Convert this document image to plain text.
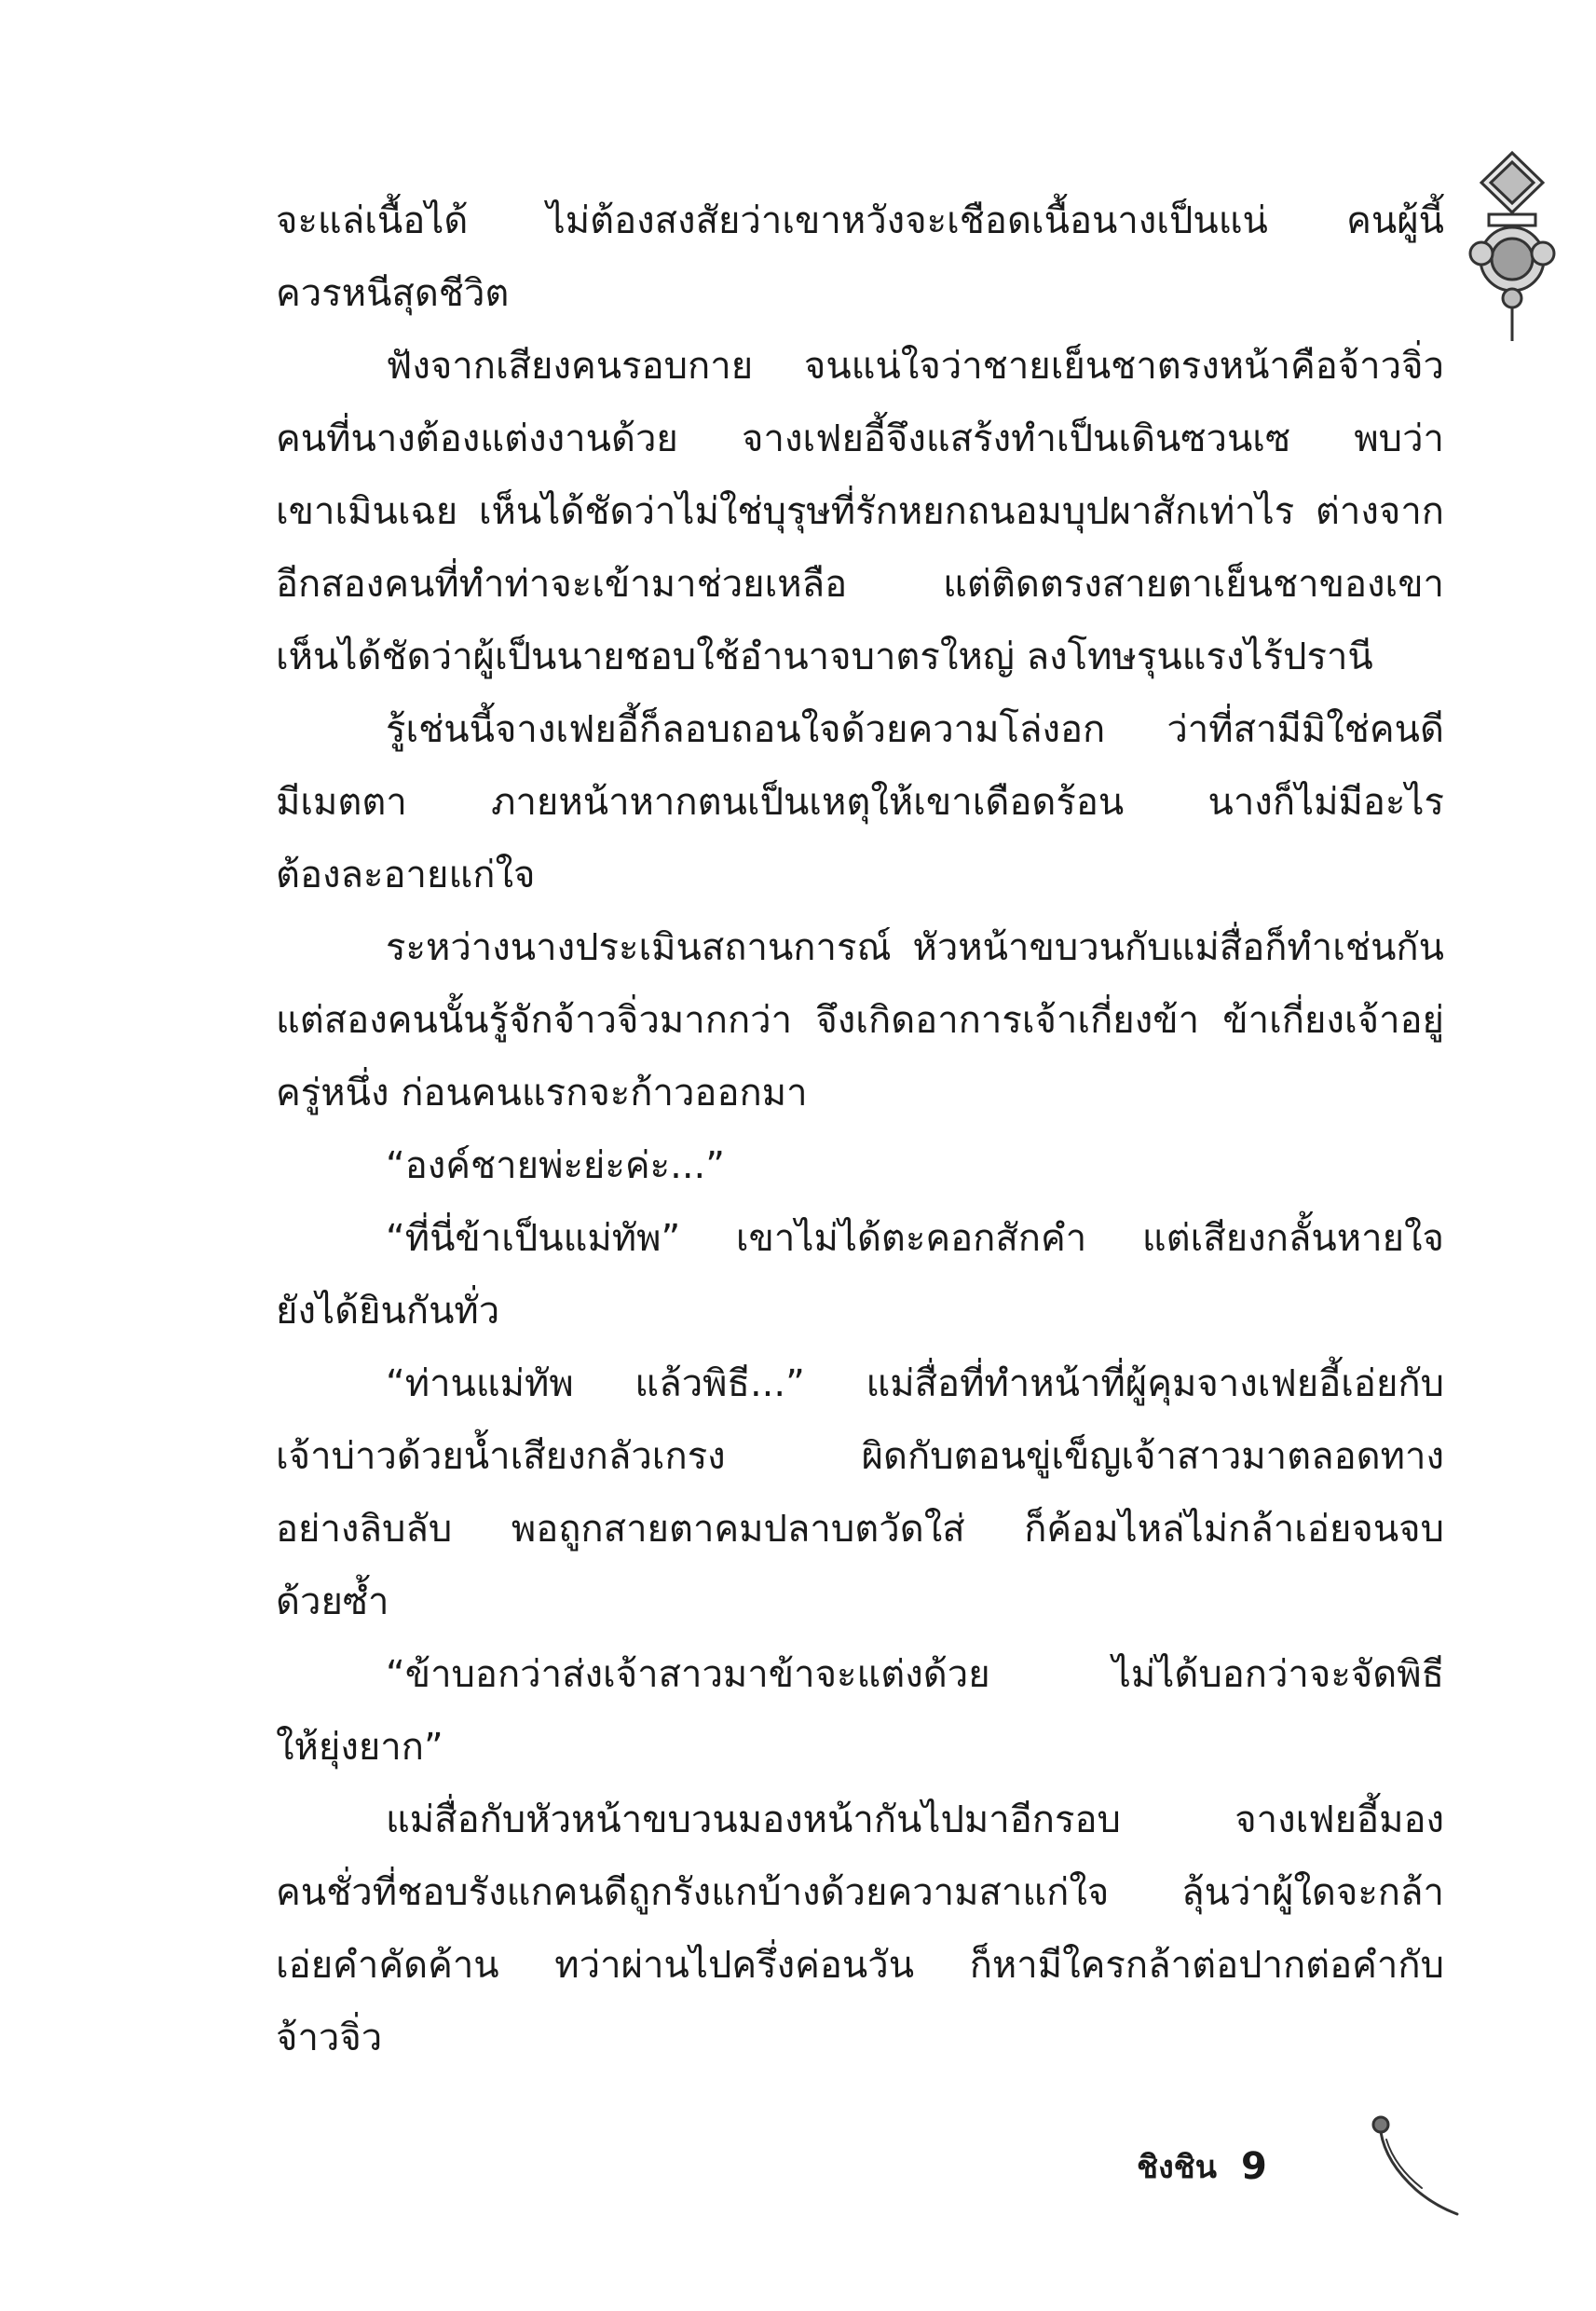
จะแล่เนื้อได้ ไม่ต้องสงสัยว่าเขาหวังจะเชือดเนื้อนางเป็นแน่ คนผู้นี้
ควรหนีสุดชีวิต
ฟังจากเสียงคนรอบกาย จนแน่ใจว่าชายเย็นชาตรงหน้าคือจ้าวจิ่ว
คนที่นางต้องแต่งงานด้วย จางเฟยอี้จึงแสร้งทำเป็นเดินซวนเซ พบว่า
เขาเมินเฉย เห็นได้ชัดว่าไม่ใช่บุรุษที่รักหยกถนอมบุปผาสักเท่าไร ต่างจาก
อีกสองคนที่ทำท่าจะเข้ามาช่วยเหลือ แต่ติดตรงสายตาเย็นชาของเขา
เห็นได้ชัดว่าผู้เป็นนายชอบใช้อำนาจบาตรใหญ่ ลงโทษรุนแรงไร้ปรานี
รู้เช่นนี้จางเฟยอี้ก็ลอบถอนใจด้วยความโล่งอก ว่าที่สามีมิใช่คนดี
มีเมตตา ภายหน้าหากตนเป็นเหตุให้เขาเดือดร้อน นางก็ไม่มีอะไร
ต้องละอายแก่ใจ
ระหว่างนางประเมินสถานการณ์ หัวหน้าขบวนกับแม่สื่อก็ทำเช่นกัน
แต่สองคนนั้นรู้จักจ้าวจิ่วมากกว่า จึงเกิดอาการเจ้าเกี่ยงข้า ข้าเกี่ยงเจ้าอยู่
ครู่หนึ่ง ก่อนคนแรกจะก้าวออกมา
“องค์ชายพ่ะย่ะค่ะ...”
“ที่นี่ข้าเป็นแม่ทัพ” เขาไม่ได้ตะคอกสักคำ แต่เสียงกลั้นหายใจ
ยังได้ยินกันทั่ว
“ท่านแม่ทัพ แล้วพิธี...” แม่สื่อที่ทำหน้าที่ผู้คุมจางเฟยอี้เอ่ยกับ
เจ้าบ่าวด้วยน้ำเสียงกลัวเกรง ผิดกับตอนขู่เข็ญเจ้าสาวมาตลอดทาง
อย่างลิบลับ พอถูกสายตาคมปลาบตวัดใส่ ก็ค้อมไหล่ไม่กล้าเอ่ยจนจบ
ด้วยซ้ำ
“ข้าบอกว่าส่งเจ้าสาวมาข้าจะแต่งด้วย ไม่ได้บอกว่าจะจัดพิธี
ให้ยุ่งยาก”
แม่สื่อกับหัวหน้าขบวนมองหน้ากันไปมาอีกรอบ จางเฟยอี้มอง
คนชั่วที่ชอบรังแกคนดีถูกรังแกบ้างด้วยความสาแก่ใจ ลุ้นว่าผู้ใดจะกล้า
เอ่ยคำคัดค้าน ทว่าผ่านไปครึ่งค่อนวัน ก็หามีใครกล้าต่อปากต่อคำกับ
จ้าวจิ่ว
ชิงชิน 9
